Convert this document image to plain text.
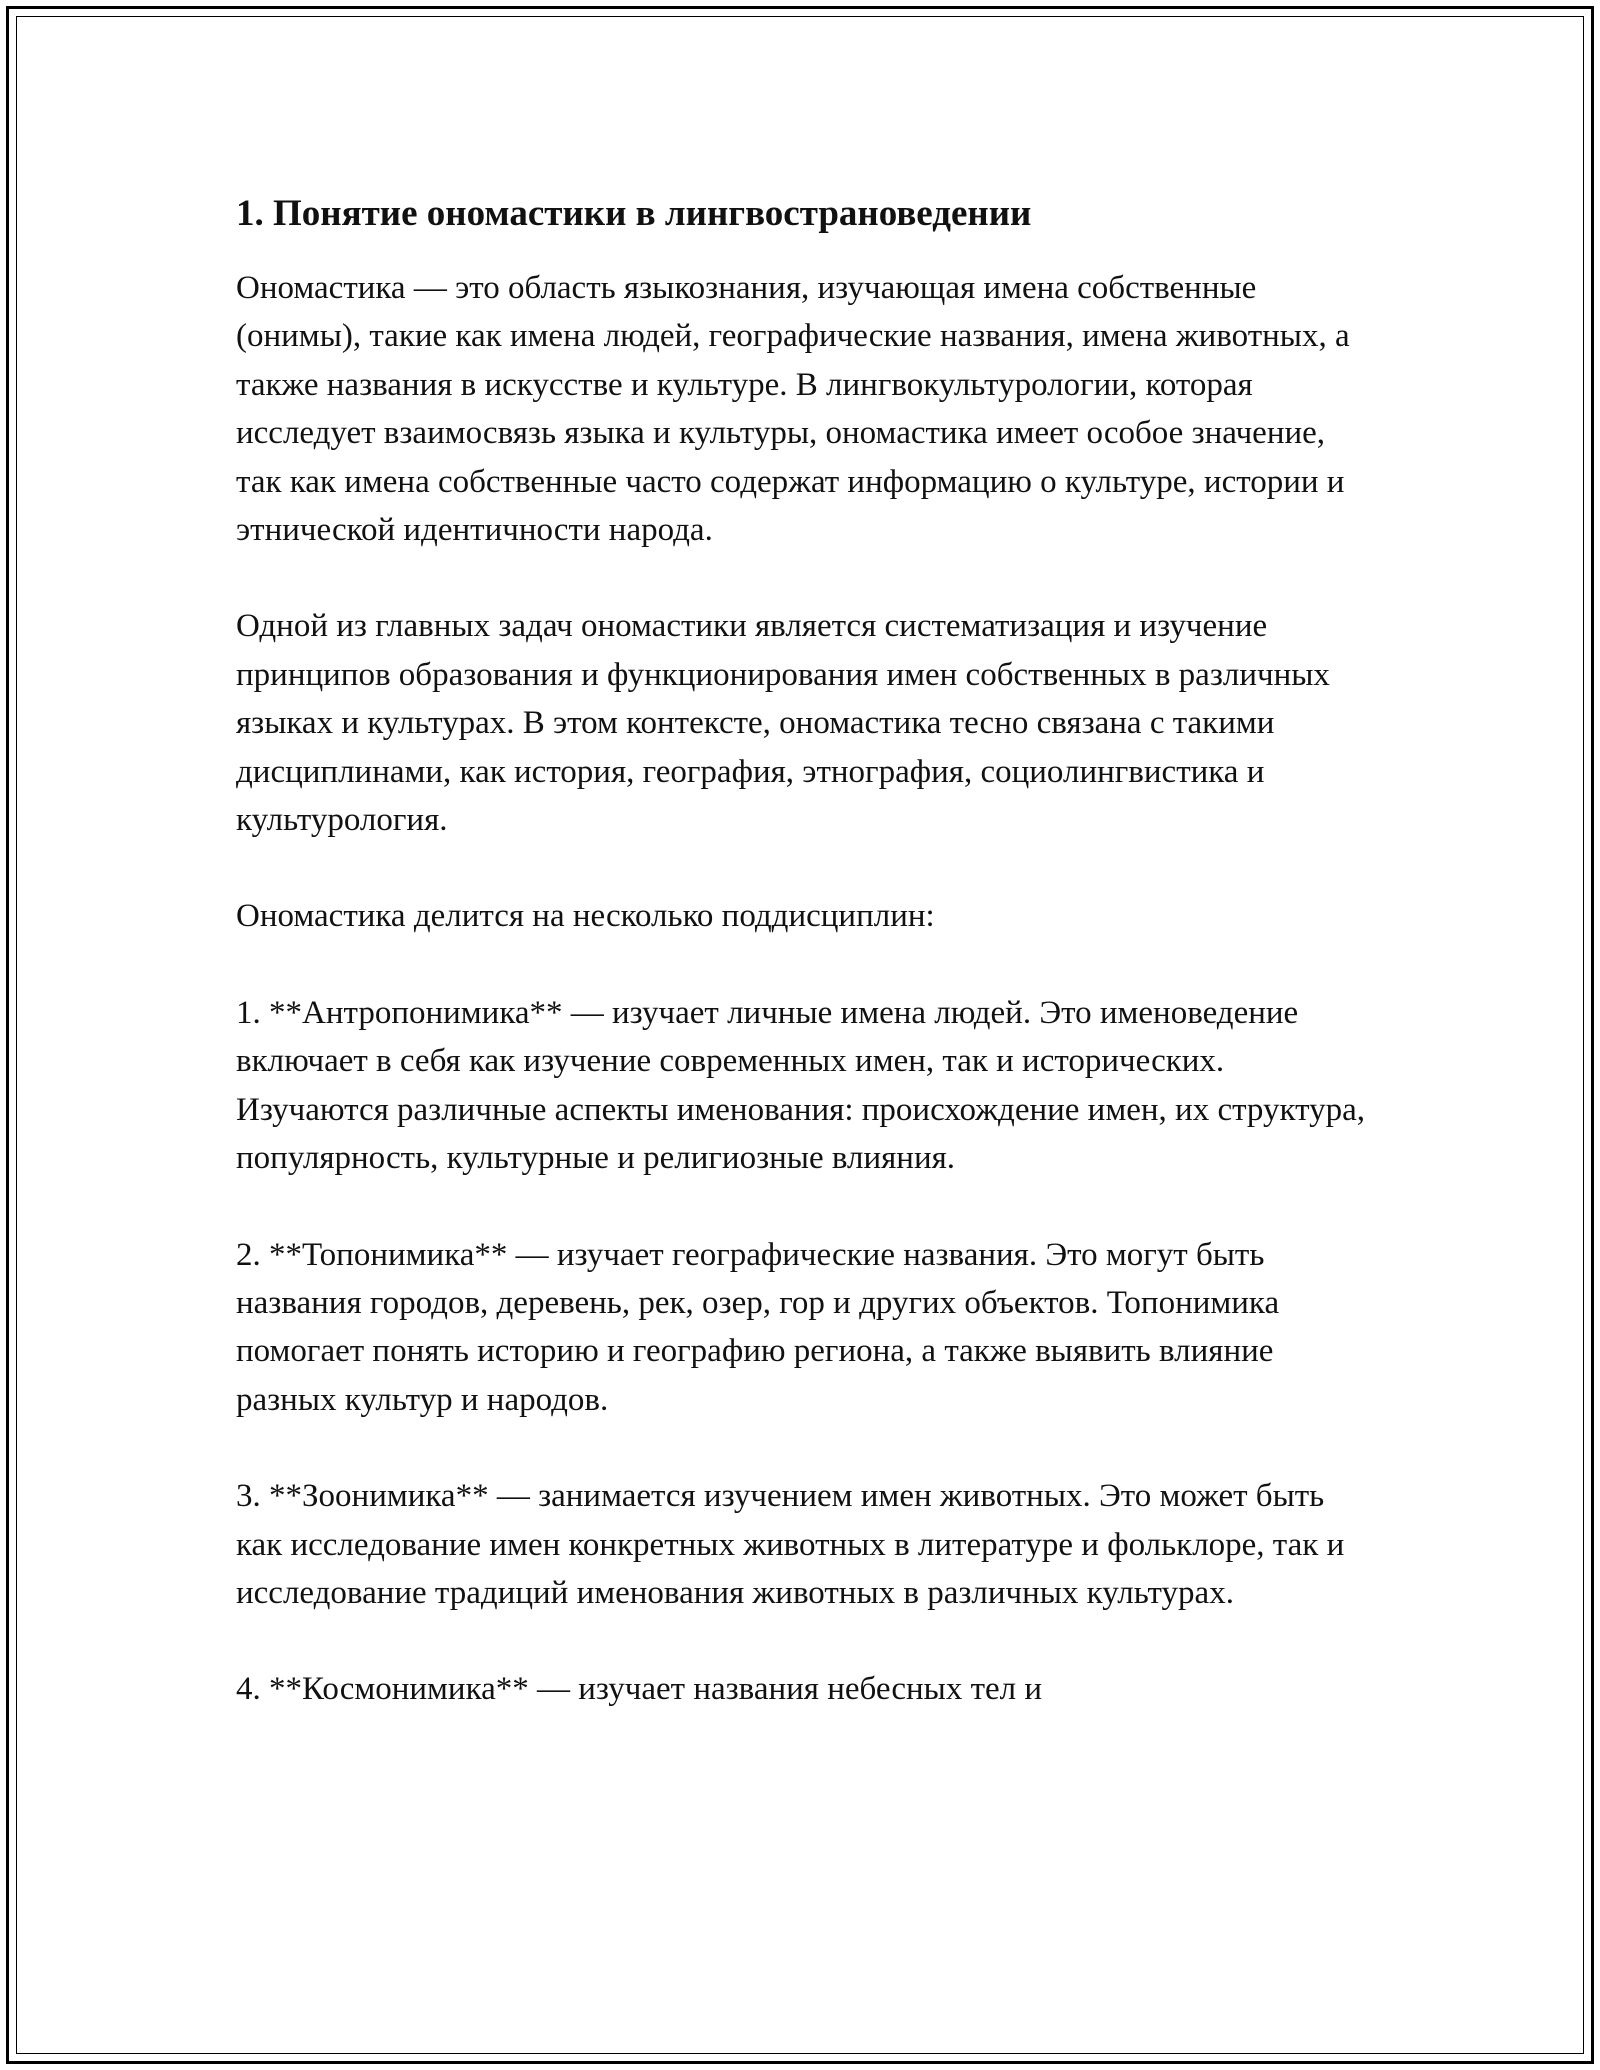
1. Понятие ономастики в лингвострановедении

Ономастика — это область языкознания, изучающая имена собственные (онимы), такие как имена людей, географические названия, имена животных, а также названия в искусстве и культуре. В лингвокультурологии, которая исследует взаимосвязь языка и культуры, ономастика имеет особое значение, так как имена собственные часто содержат информацию о культуре, истории и этнической идентичности народа.

Одной из главных задач ономастики является систематизация и изучение принципов образования и функционирования имен собственных в различных языках и культурах. В этом контексте, ономастика тесно связана с такими дисциплинами, как история, география, этнография, социолингвистика и культурология.

Ономастика делится на несколько поддисциплин:

1. **Антропонимика** — изучает личные имена людей. Это именоведение включает в себя как изучение современных имен, так и исторических. Изучаются различные аспекты именования: происхождение имен, их структура, популярность, культурные и религиозные влияния.

2. **Топонимика** — изучает географические названия. Это могут быть названия городов, деревень, рек, озер, гор и других объектов. Топонимика помогает понять историю и географию региона, а также выявить влияние разных культур и народов.

3. **Зоонимика** — занимается изучением имен животных. Это может быть как исследование имен конкретных животных в литературе и фольклоре, так и исследование традиций именования животных в различных культурах.

4. **Космонимика** — изучает названия небесных тел и
